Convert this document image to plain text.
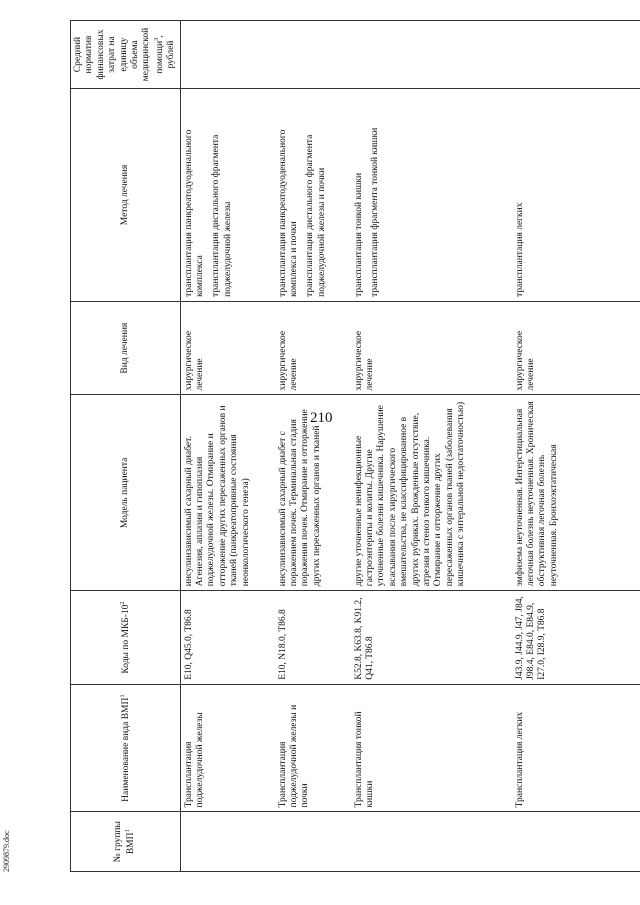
210
№ группы ВМП$^1$	Наименование вида ВМП$^1$	Коды по МКБ-$10^2$	Модель пациента	Вид лечения	Метод лечения	Средний норматив финансовых затрат на единицу объема медицинской помощи$^3$, рублей
	Трансплантация поджелудочной железы	E10, Q45.0, T86.8	инсулинзависимый сахарный диабет. Агенезия, аплазия и гипоплазия поджелудочной железы. Отмирание и отторжение других пересаженных органов и тканей (панкреатопривные состояния неонкологического генеза)	хирургическое лечение	трансплантация панкреатодуоденального комплекса трансплантация дистального фрагмента поджелудочной железы	

	Трансплантация поджелудочной железы и почки	E10, N18.0, T86.8	инсулинзависимый сахарный диабет с поражением почек. Терминальная стадия поражения почек. Отмирание и отторжение других пересаженных органов и тканей	хирургическое лечение	трансплантация панкреатодуоденального комплекса и почки трансплантация дистального фрагмента поджелудочной железы и почки	

	Трансплантация тонкой кишки	K52.8, K63.8, K91.2, Q41, T86.8	другие уточненные неинфекционные гастроэнтериты и колиты. Другие уточненные болезни кишечника. Нарушение всасывания после хирургического вмешательства, не классифицированное в других рубриках. Врожденные отсутствие, атрезия и стеноз тонкого кишечника. Отмирание и отторжение других пересаженных органов тканей (заболевания кишечника с энтеральной недостаточностью)	хирургическое лечение	трансплантация тонкой кишки трансплантация фрагмента тонкой кишки	

	Трансплантация легких	J43.9, J44.9, J47, J84, J98.4, E84.0, E84.9, I27.0, I28.9, T86.8	эмфизема неуточненная. Интерстициальная легочная болезнь неуточненная. Хроническая обструктивная легочная болезнь неуточненная. Бронхоэктатическая	хирургическое лечение	трансплантация легких	

2909879.doc
